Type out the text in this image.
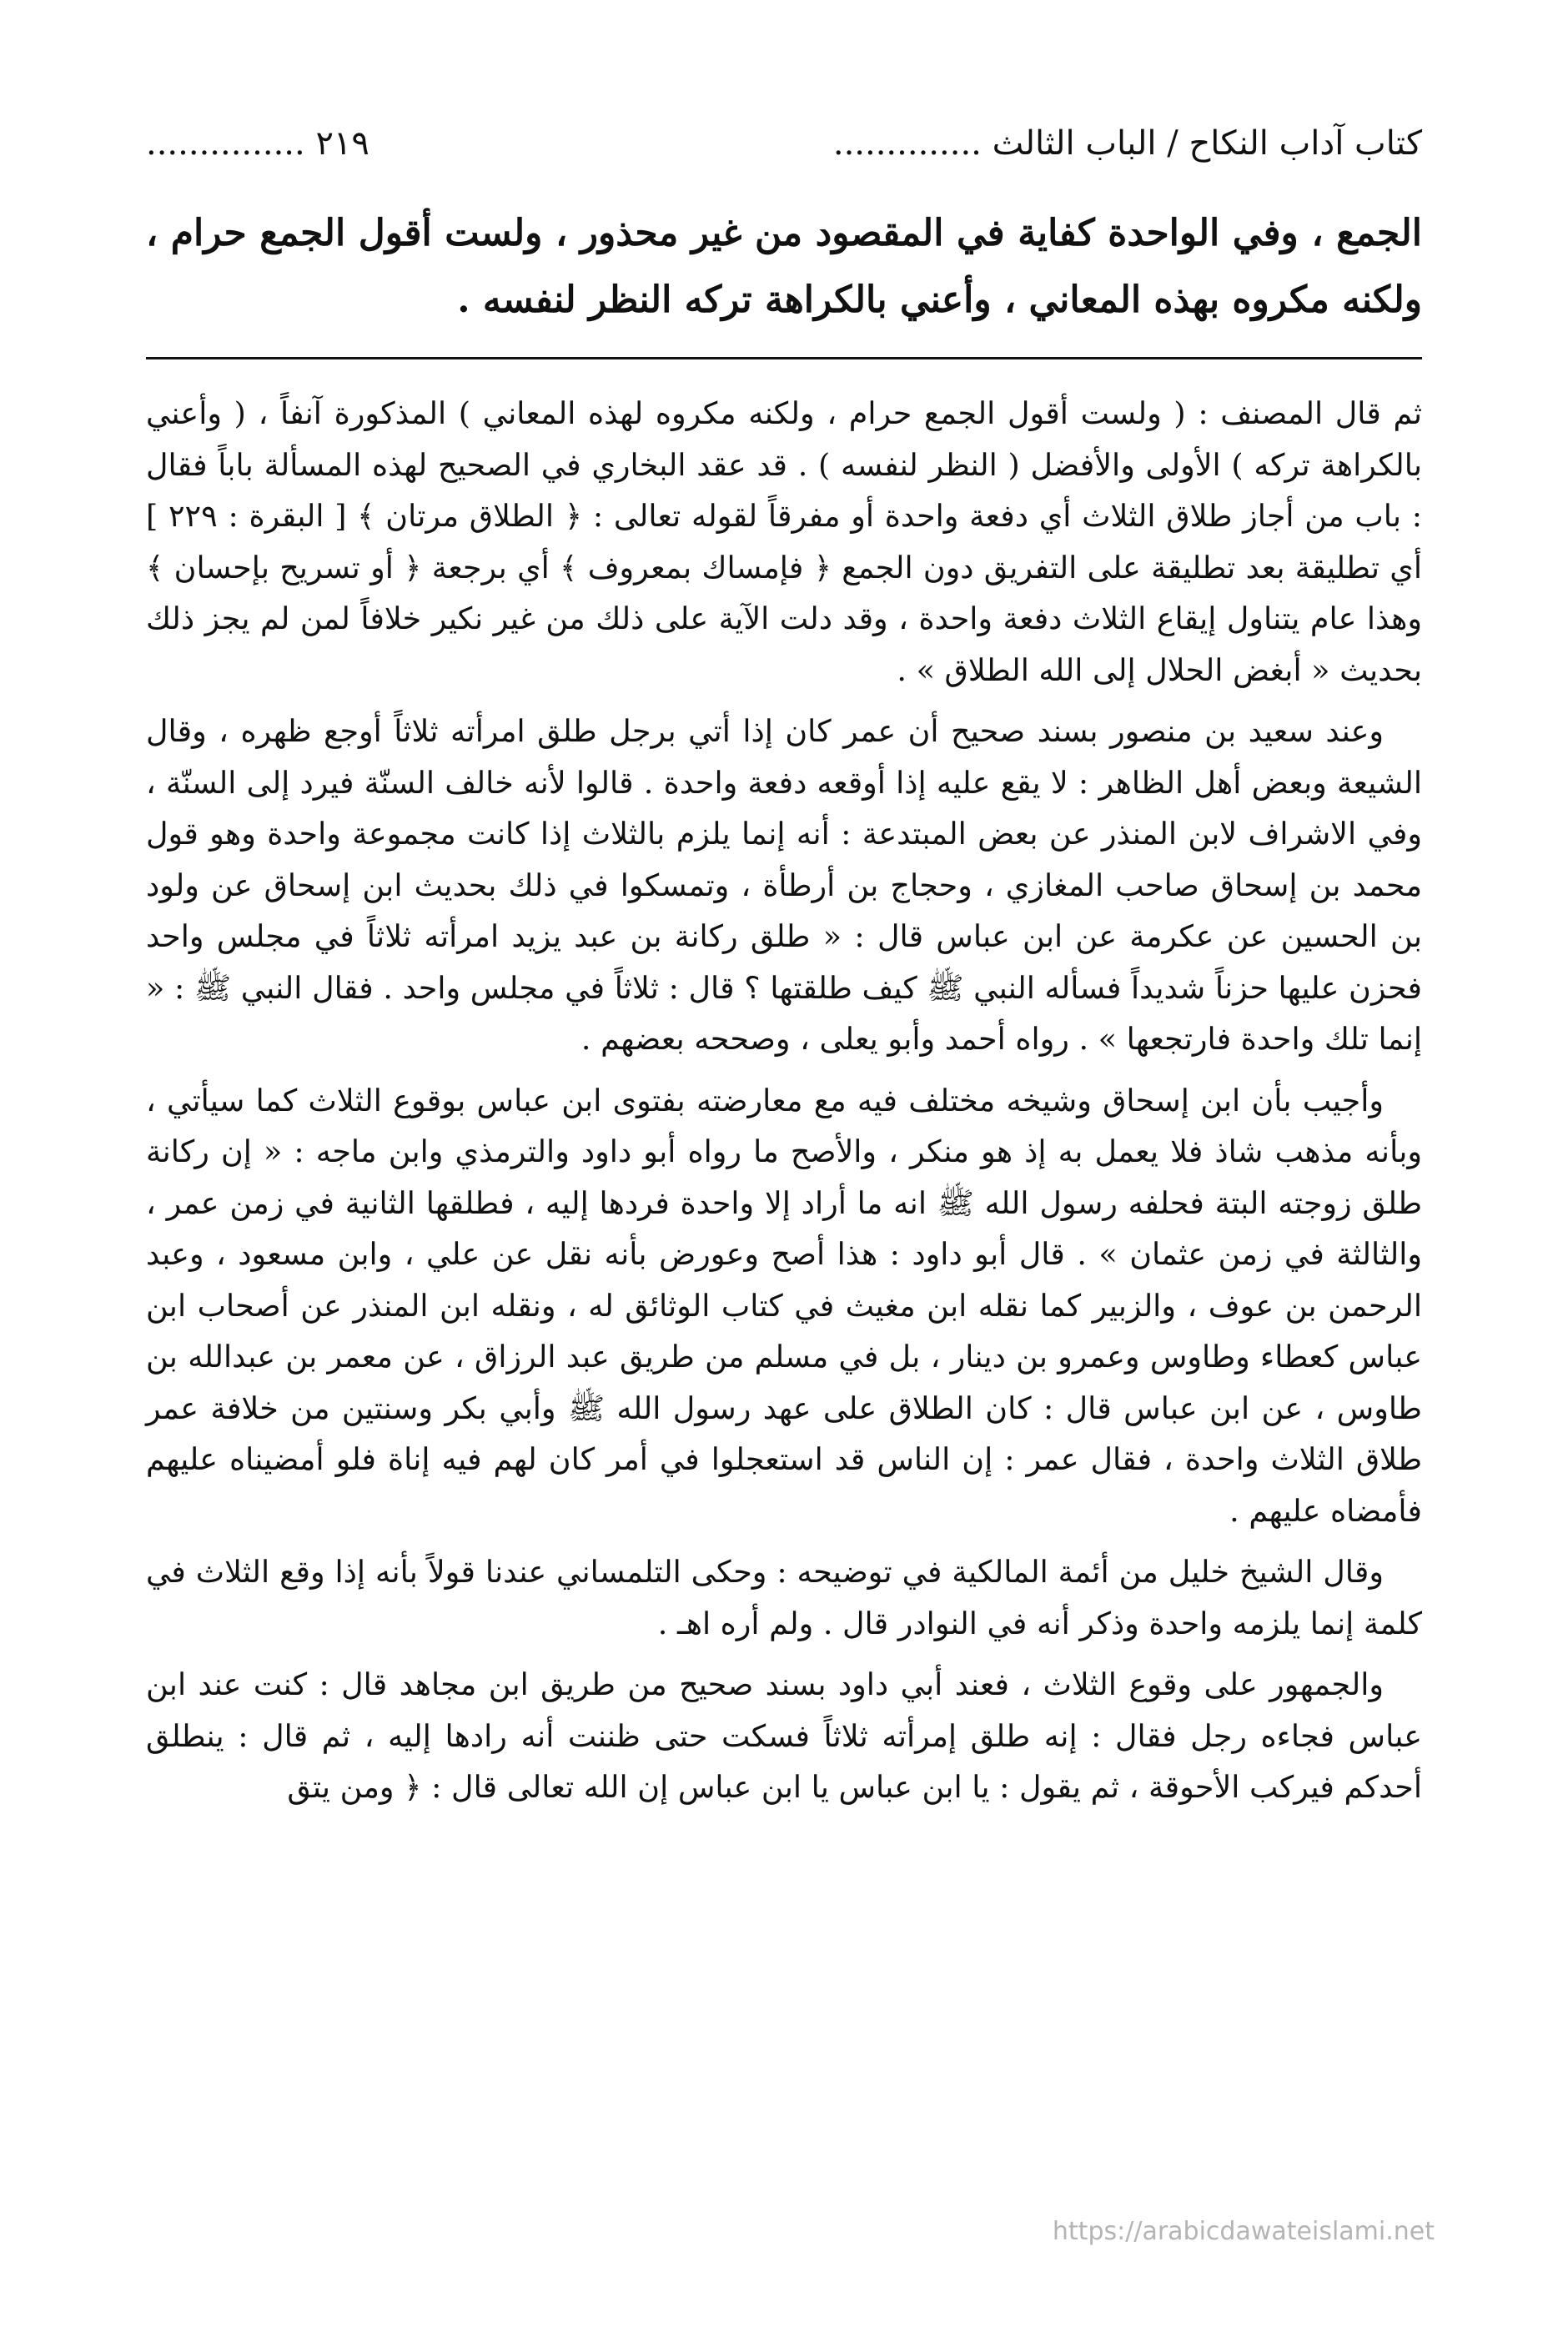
كتاب آداب النكاح / الباب الثالث ..............
............... ٢١٩

الجمع ، وفي الواحدة كفاية في المقصود من غير محذور ، ولست أقول الجمع حرام ، ولكنه مكروه بهذه المعاني ، وأعني بالكراهة تركه النظر لنفسه .

ثم قال المصنف : ( ولست أقول الجمع حرام ، ولكنه مكروه لهذه المعاني ) المذكورة آنفاً ، ( وأعني بالكراهة تركه ) الأولى والأفضل ( النظر لنفسه ) . قد عقد البخاري في الصحيح لهذه المسألة باباً فقال : باب من أجاز طلاق الثلاث أي دفعة واحدة أو مفرقاً لقوله تعالى : ﴿ الطلاق مرتان ﴾ [ البقرة : ٢٢٩ ] أي تطليقة بعد تطليقة على التفريق دون الجمع ﴿ فإمساك بمعروف ﴾ أي برجعة ﴿ أو تسريح بإحسان ﴾ وهذا عام يتناول إيقاع الثلاث دفعة واحدة ، وقد دلت الآية على ذلك من غير نكير خلافاً لمن لم يجز ذلك بحديث « أبغض الحلال إلى الله الطلاق » .

وعند سعيد بن منصور بسند صحيح أن عمر كان إذا أتي برجل طلق امرأته ثلاثاً أوجع ظهره ، وقال الشيعة وبعض أهل الظاهر : لا يقع عليه إذا أوقعه دفعة واحدة . قالوا لأنه خالف السنّة فيرد إلى السنّة ، وفي الاشراف لابن المنذر عن بعض المبتدعة : أنه إنما يلزم بالثلاث إذا كانت مجموعة واحدة وهو قول محمد بن إسحاق صاحب المغازي ، وحجاج بن أرطأة ، وتمسكوا في ذلك بحديث ابن إسحاق عن ولود بن الحسين عن عكرمة عن ابن عباس قال : « طلق ركانة بن عبد يزيد امرأته ثلاثاً في مجلس واحد فحزن عليها حزناً شديداً فسأله النبي ﷺ كيف طلقتها ؟ قال : ثلاثاً في مجلس واحد . فقال النبي ﷺ : « إنما تلك واحدة فارتجعها » . رواه أحمد وأبو يعلى ، وصححه بعضهم .

وأجيب بأن ابن إسحاق وشيخه مختلف فيه مع معارضته بفتوى ابن عباس بوقوع الثلاث كما سيأتي ، وبأنه مذهب شاذ فلا يعمل به إذ هو منكر ، والأصح ما رواه أبو داود والترمذي وابن ماجه : « إن ركانة طلق زوجته البتة فحلفه رسول الله ﷺ انه ما أراد إلا واحدة فردها إليه ، فطلقها الثانية في زمن عمر ، والثالثة في زمن عثمان » . قال أبو داود : هذا أصح وعورض بأنه نقل عن علي ، وابن مسعود ، وعبد الرحمن بن عوف ، والزبير كما نقله ابن مغيث في كتاب الوثائق له ، ونقله ابن المنذر عن أصحاب ابن عباس كعطاء وطاوس وعمرو بن دينار ، بل في مسلم من طريق عبد الرزاق ، عن معمر بن عبدالله بن طاوس ، عن ابن عباس قال : كان الطلاق على عهد رسول الله ﷺ وأبي بكر وسنتين من خلافة عمر طلاق الثلاث واحدة ، فقال عمر : إن الناس قد استعجلوا في أمر كان لهم فيه إناة فلو أمضيناه عليهم فأمضاه عليهم .

وقال الشيخ خليل من أئمة المالكية في توضيحه : وحكى التلمساني عندنا قولاً بأنه إذا وقع الثلاث في كلمة إنما يلزمه واحدة وذكر أنه في النوادر قال . ولم أره اهـ .

والجمهور على وقوع الثلاث ، فعند أبي داود بسند صحيح من طريق ابن مجاهد قال : كنت عند ابن عباس فجاءه رجل فقال : إنه طلق إمرأته ثلاثاً فسكت حتى ظننت أنه رادها إليه ، ثم قال : ينطلق أحدكم فيركب الأحوقة ، ثم يقول : يا ابن عباس يا ابن عباس إن الله تعالى قال : ﴿ ومن يتق

https://arabicdawateislami.net
